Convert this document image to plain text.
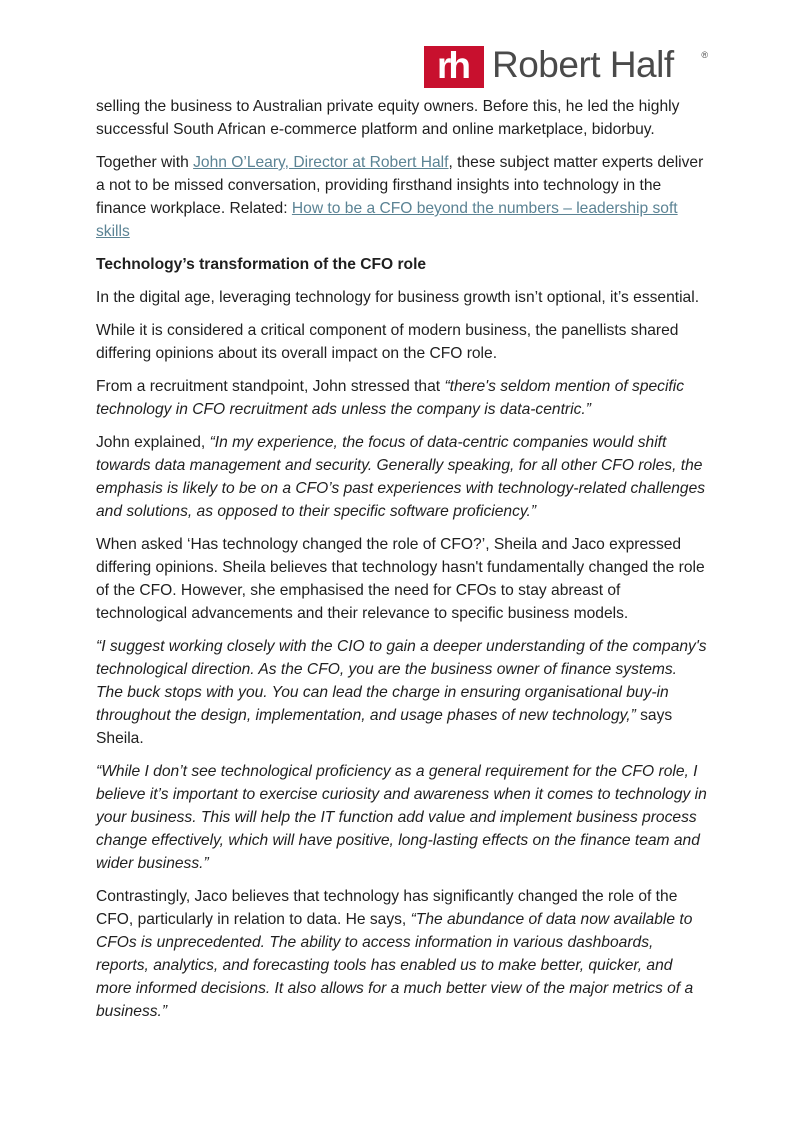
rh Robert Half	®

selling the business to Australian private equity owners. Before this, he led the highly successful South African e-commerce platform and online marketplace, bidorbuy.

Together with John O’Leary, Director at Robert Half, these subject matter experts deliver a not to be missed conversation, providing firsthand insights into technology in the finance workplace. Related: How to be a CFO beyond the numbers – leadership soft skills

Technology’s transformation of the CFO role

In the digital age, leveraging technology for business growth isn’t optional, it’s essential.

While it is considered a critical component of modern business, the panellists shared differing opinions about its overall impact on the CFO role.

From a recruitment standpoint, John stressed that “there's seldom mention of specific technology in CFO recruitment ads unless the company is data-centric.”

John explained, “In my experience, the focus of data-centric companies would shift towards data management and security. Generally speaking, for all other CFO roles, the emphasis is likely to be on a CFO’s past experiences with technology-related challenges and solutions, as opposed to their specific software proficiency.”

When asked ‘Has technology changed the role of CFO?’, Sheila and Jaco expressed differing opinions. Sheila believes that technology hasn't fundamentally changed the role of the CFO. However, she emphasised the need for CFOs to stay abreast of technological advancements and their relevance to specific business models.

“I suggest working closely with the CIO to gain a deeper understanding of the company's technological direction. As the CFO, you are the business owner of finance systems. The buck stops with you. You can lead the charge in ensuring organisational buy-in throughout the design, implementation, and usage phases of new technology,” says Sheila.

“While I don’t see technological proficiency as a general requirement for the CFO role, I believe it’s important to exercise curiosity and awareness when it comes to technology in your business. This will help the IT function add value and implement business process change effectively, which will have positive, long-lasting effects on the finance team and wider business.”

Contrastingly, Jaco believes that technology has significantly changed the role of the CFO, particularly in relation to data. He says, “The abundance of data now available to CFOs is unprecedented. The ability to access information in various dashboards, reports, analytics, and forecasting tools has enabled us to make better, quicker, and more informed decisions. It also allows for a much better view of the major metrics of a business.”
